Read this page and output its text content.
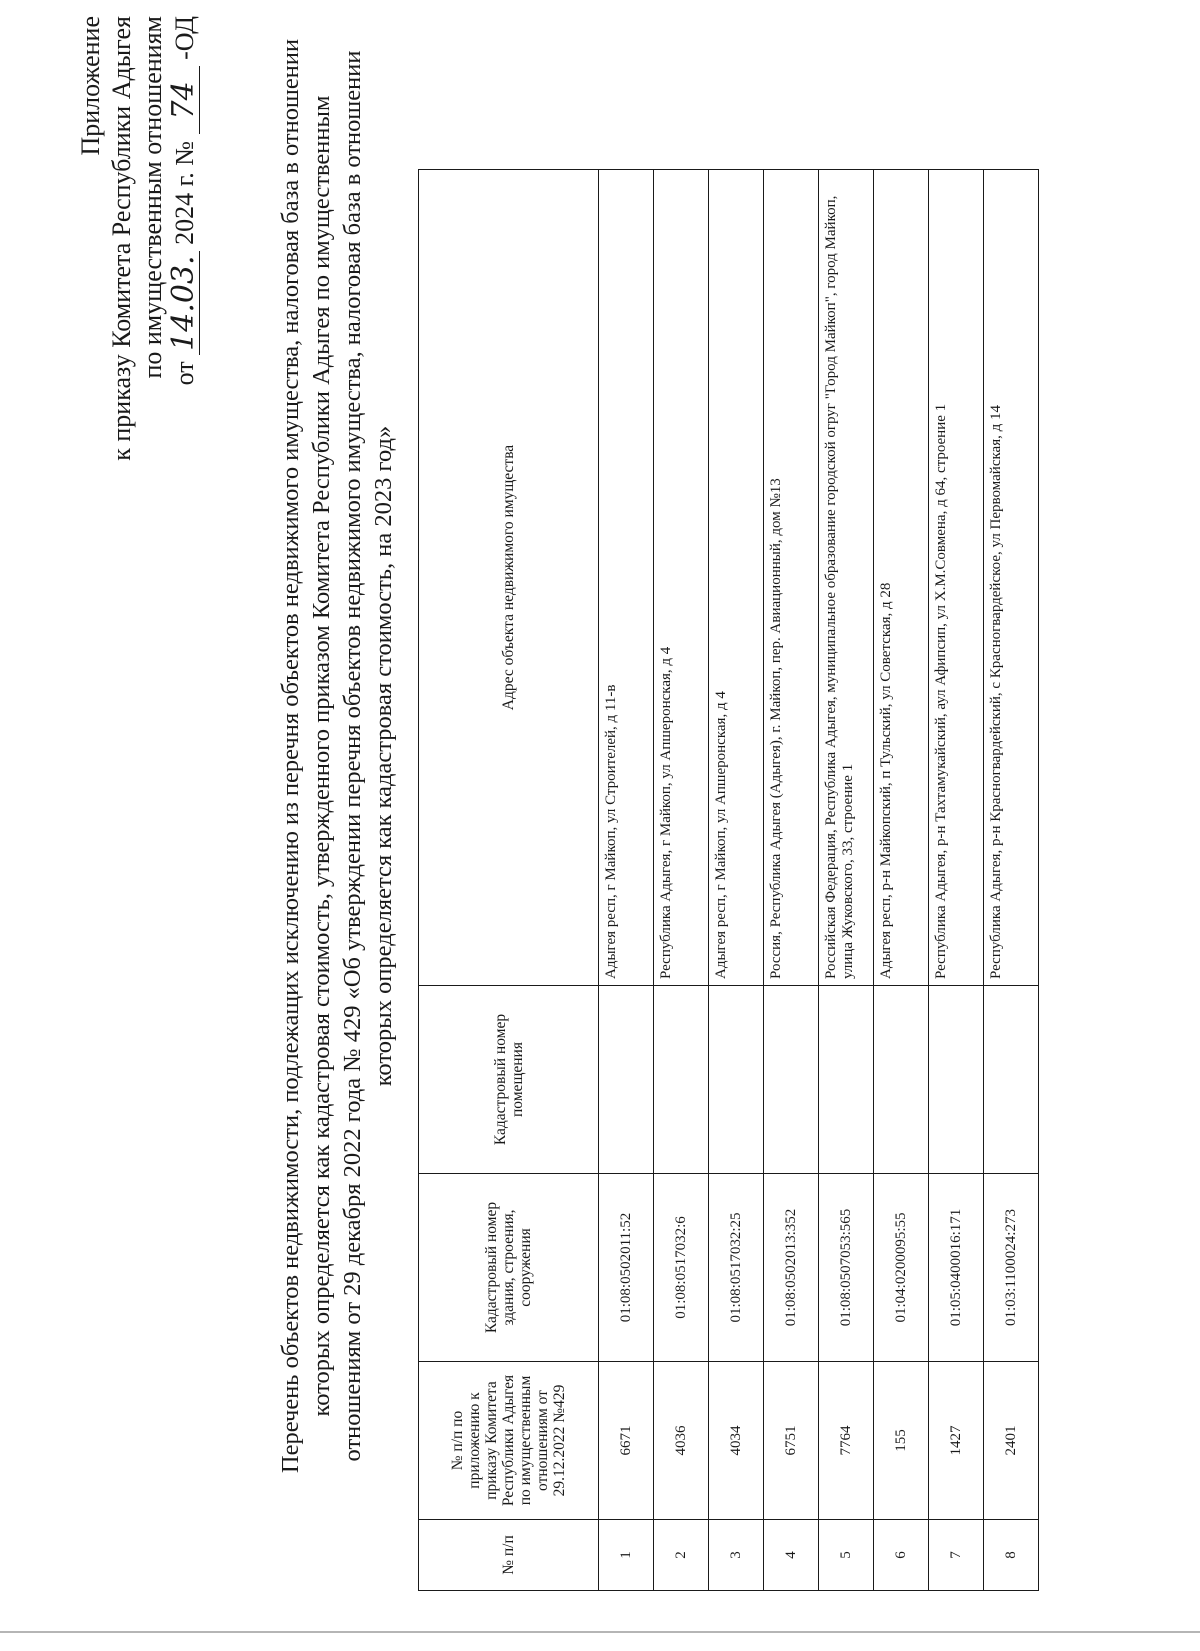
Приложение к приказу Комитета Республики Адыгея по имущественным отношениям от 14.03. 2024 г. № 74 -ОД
Перечень объектов недвижимости, подлежащих исключению из перечня объектов недвижимого имущества, налоговая база в отношении которых определяется как кадастровая стоимость, утвержденного приказом Комитета Республики Адыгея по имущественным отношениям от 29 декабря 2022 года № 429 «Об утверждении перечня объектов недвижимого имущества, налоговая база в отношении которых определяется как кадастровая стоимость, на 2023 год»
№ п/п	№ п/п по приложению к приказу Комитета Республики Адыгея по имущественным отношениям от 29.12.2022 №429	Кадастровый номер здания, строения, сооружения	Кадастровый номер помещения	Адрес объекта недвижимого имущества
1	6671	01:08:0502011:52		Адыгея респ, г Майкоп, ул Строителей, д 11-в
2	4036	01:08:0517032:6		Республика Адыгея, г Майкоп, ул Апшеронская, д 4
3	4034	01:08:0517032:25		Адыгея респ, г Майкоп, ул Апшеронская, д 4
4	6751	01:08:0502013:352		Россия, Республика Адыгея (Адыгея), г. Майкоп, пер. Авиационный, дом №13
5	7764	01:08:0507053:565		Российская Федерация, Республика Адыгея, муниципальное образование городской огруг "Город Майкоп", город Майкоп, улица Жуковского, 33, строение 1
6	155	01:04:0200095:55		Адыгея респ, р-н Майкопский, п Тульский, ул Советская, д 28
7	1427	01:05:0400016:171		Республика Адыгея, р-н Тахтамукайский, аул Афипсип, ул Х.М.Совмена, д 64, строение 1
8	2401	01:03:1100024:273		Республика Адыгея, р-н Красногвардейский, с Красногвардейское, ул Первомайская, д 14
